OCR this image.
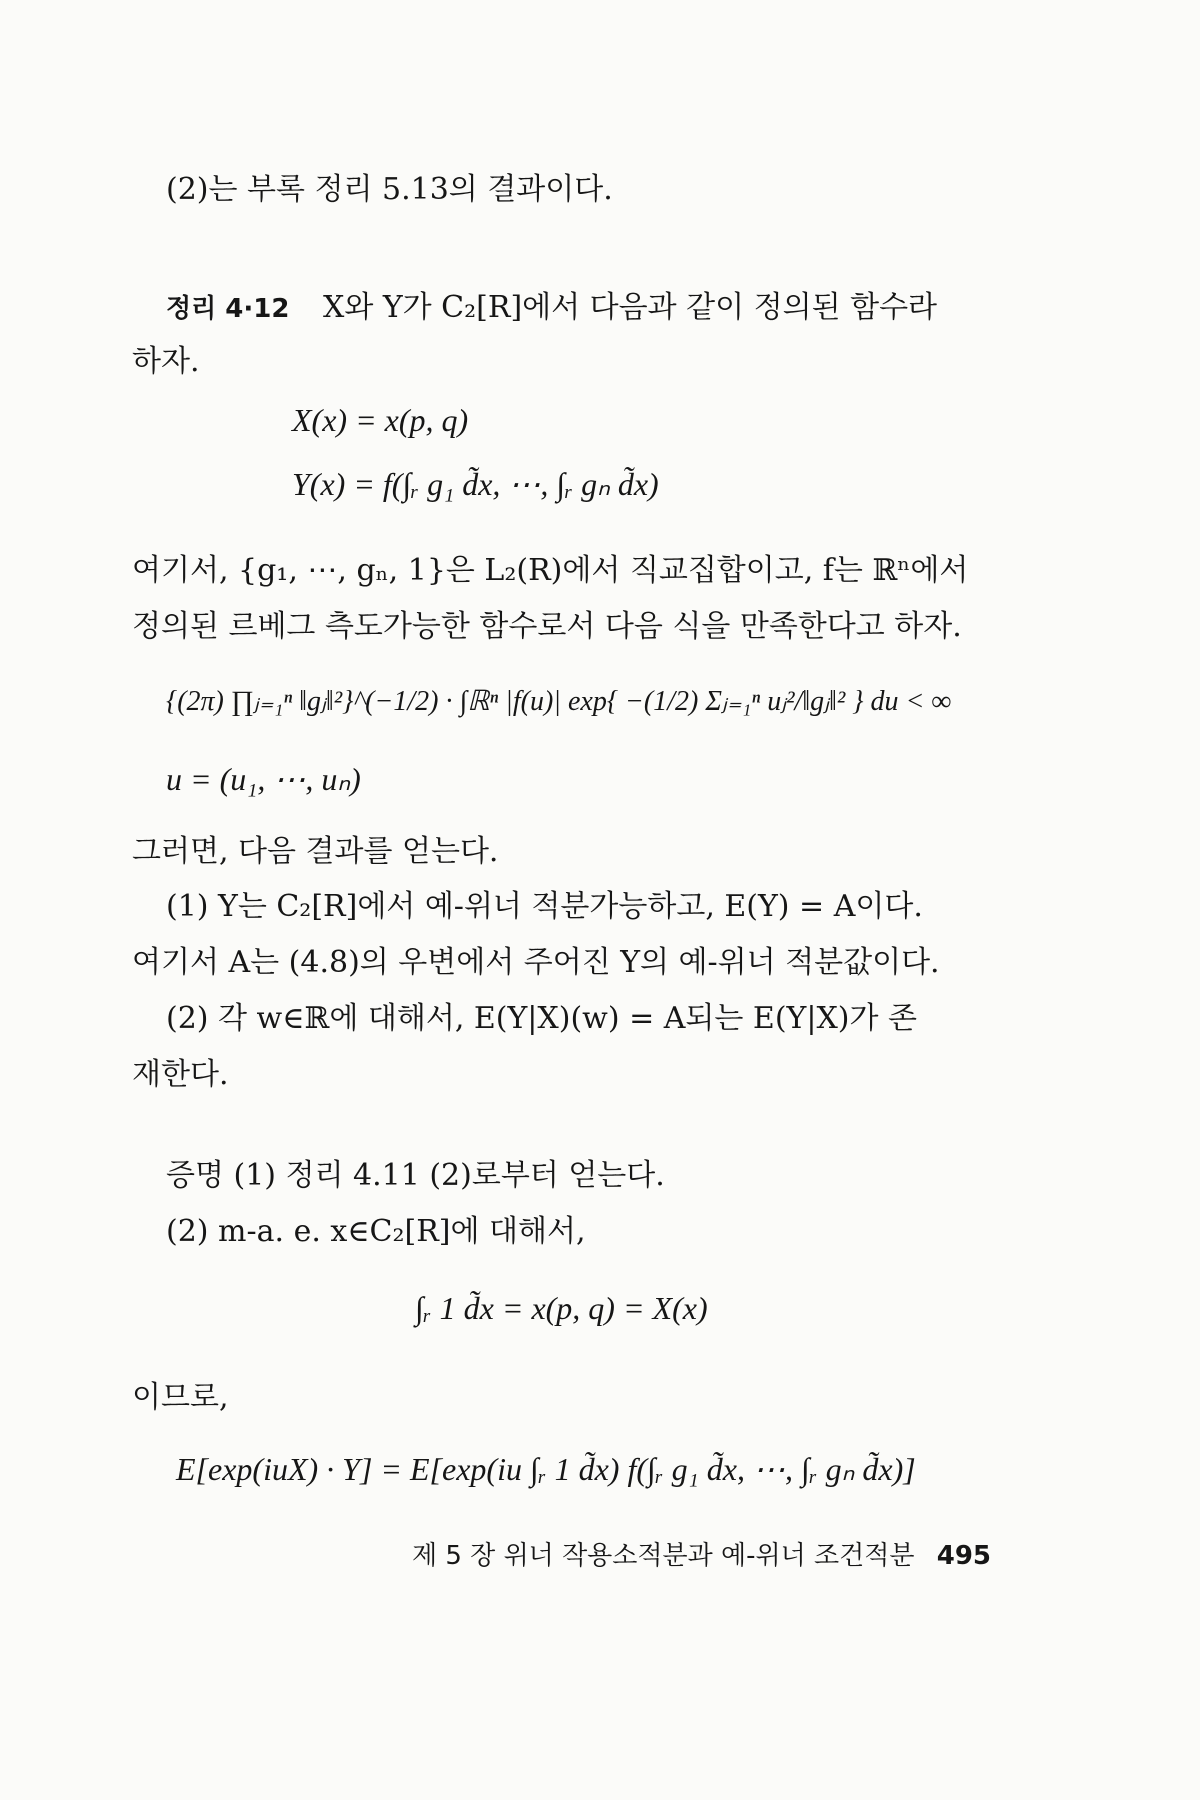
(2)는 부록 정리 5.13의 결과이다.
정리 4·12 X와 Y가 C₂[R]에서 다음과 같이 정의된 함수라
하자.
X(x) = x(p, q)
Y(x) = f(∫ᵣ g₁ d̃x, ⋯, ∫ᵣ gₙ d̃x)
여기서, {g₁, ⋯, gₙ, 1}은 L₂(R)에서 직교집합이고, f는 ℝⁿ에서
정의된 르베그 측도가능한 함수로서 다음 식을 만족한다고 하자.
{(2π) ∏ⱼ₌₁ⁿ ‖gⱼ‖²}^(−1/2) · ∫ℝⁿ |f(u)| exp{ −(1/2) Σⱼ₌₁ⁿ uⱼ²/‖gⱼ‖² } du < ∞
u = (u₁, ⋯, uₙ)
그러면, 다음 결과를 얻는다.
(1) Y는 C₂[R]에서 예-위너 적분가능하고, E(Y) = A이다.
여기서 A는 (4.8)의 우변에서 주어진 Y의 예-위너 적분값이다.
(2) 각 w∈ℝ에 대해서, E(Y|X)(w) = A되는 E(Y|X)가 존
재한다.
증명 (1) 정리 4.11 (2)로부터 얻는다.
(2) m-a. e. x∈C₂[R]에 대해서,
∫ᵣ 1 d̃x = x(p, q) = X(x)
이므로,
E[exp(iuX) · Y] = E[exp(iu ∫ᵣ 1 d̃x) f(∫ᵣ g₁ d̃x, ⋯, ∫ᵣ gₙ d̃x)]
제 5 장 위너 작용소적분과 예-위너 조건적분 495
